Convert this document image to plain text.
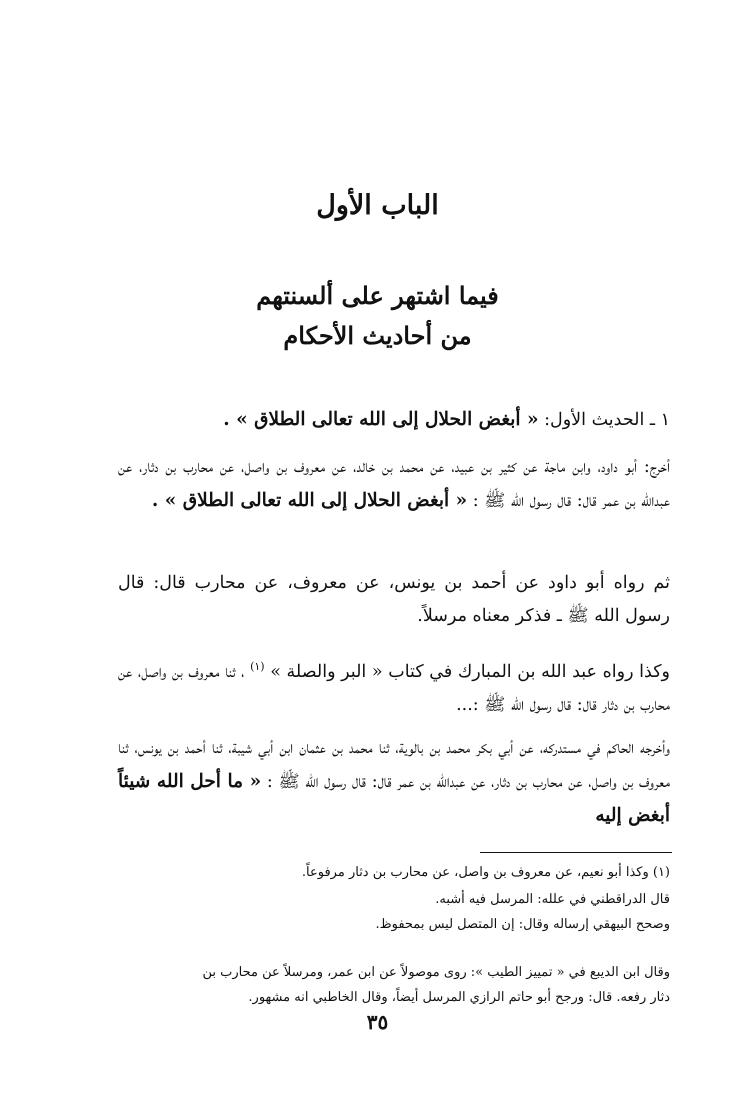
الباب الأول
فيما اشتهر على ألسنتهم
من أحاديث الأحكام
١ ـ الحديث الأول: « أبغض الحلال إلى الله تعالى الطلاق » .
أخرج: أبو داود، وابن ماجة عن كثير بن عبيد، عن محمد بن خالد، عن معروف بن واصل، عن محارب بن دثار، عن عبدالله بن عمر قال: قال رسول الله ﷺ : « أبغض الحلال إلى الله تعالى الطلاق » .
ثم رواه أبو داود عن أحمد بن يونس، عن معروف، عن محارب قال: قال رسول الله ﷺ ـ فذكر معناه مرسلاً.
وكذا رواه عبد الله بن المبارك في كتاب « البر والصلة » $^{(١)}$ ، ثنا معروف بن واصل، عن محارب بن دثار قال: قال رسول الله ﷺ :...
وأخرجه الحاكم في مستدركه، عن أبي بكر محمد بن بالوية، ثنا محمد بن عثمان ابن أبي شيبة، ثنا أحمد بن يونس، ثنا معروف بن واصل، عن محارب بن دثار، عن عبدالله بن عمر قال: قال رسول الله ﷺ : « ما أحل الله شيئاً أبغض إليه
(١) وكذا أبو نعيم، عن معروف بن واصل، عن محارب بن دثار مرفوعاً.
قال الدراقطني في علله: المرسل فيه أشبه.
وصحح البيهقي إرساله وقال: إن المتصل ليس بمحفوظ.
وقال ابن الديبع في « تمييز الطيب »: روى موصولاً عن ابن عمر، ومرسلاً عن محارب بن
دثار رفعه. قال: ورجح أبو حاتم الرازي المرسل أيضاً، وقال الخاطبي انه مشهور.
٣٥
